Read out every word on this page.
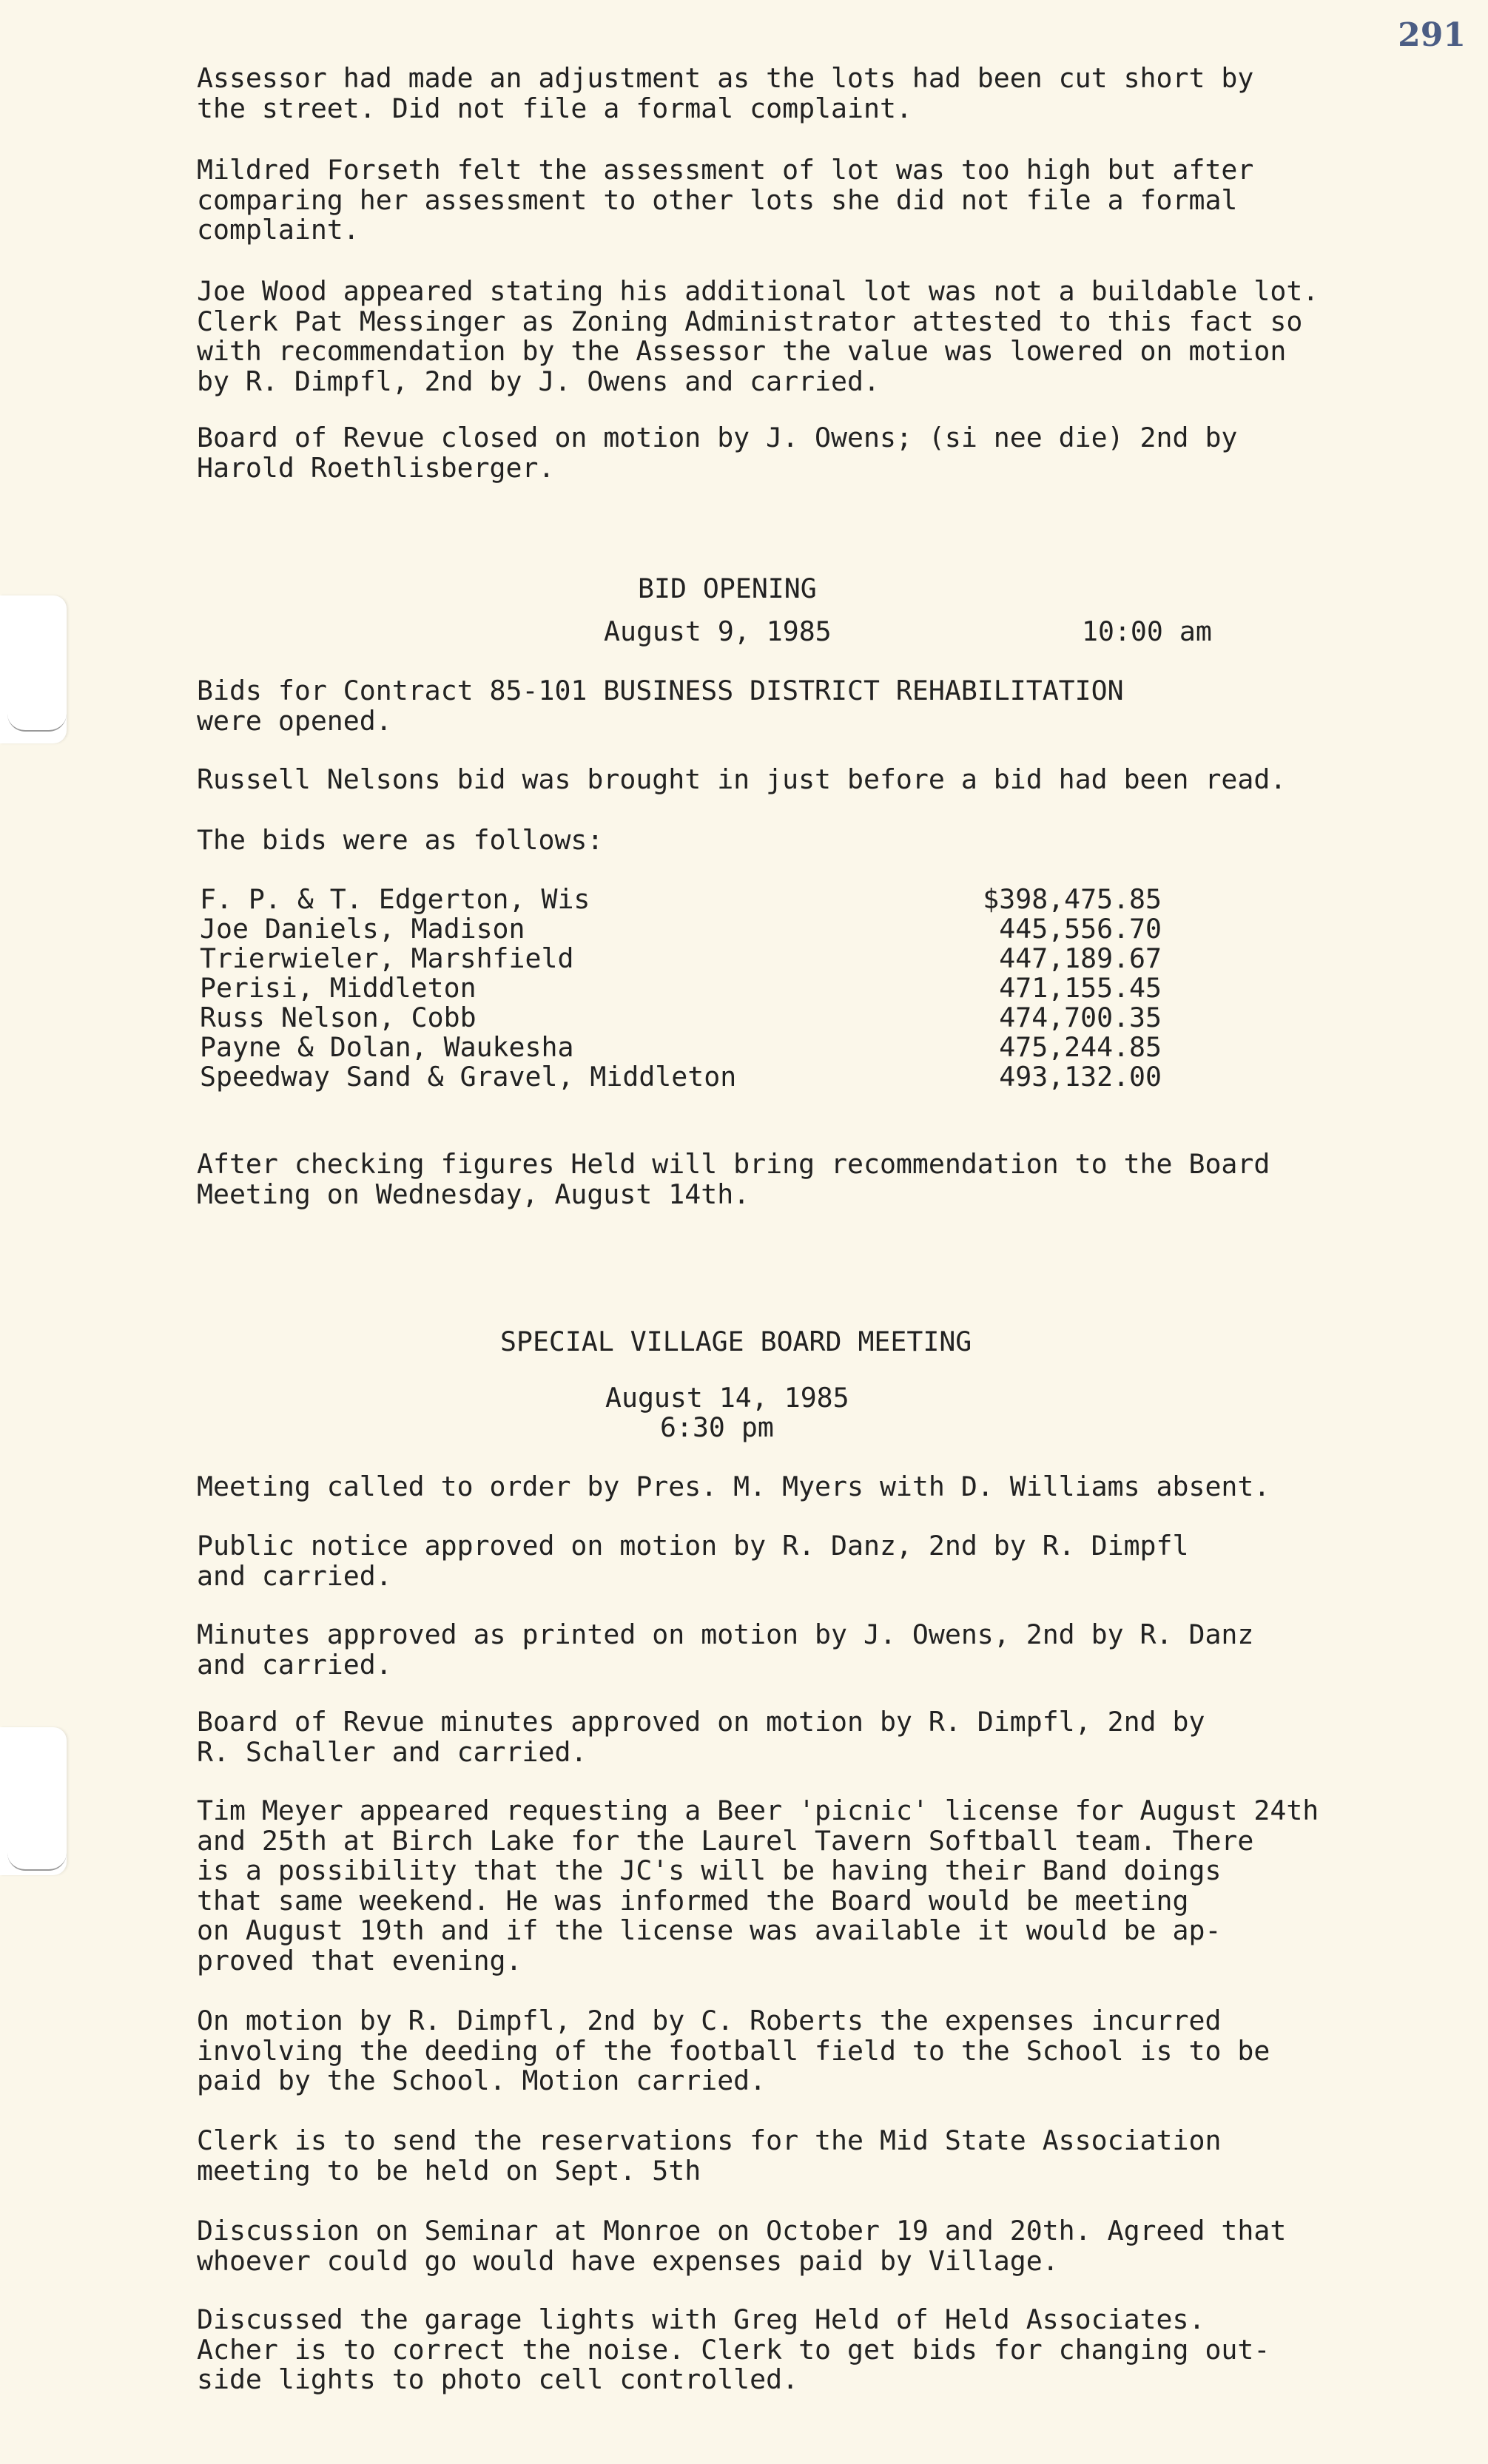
291

Assessor had made an adjustment as the lots had been cut short by
the street. Did not file a formal complaint.

Mildred Forseth felt the assessment of lot was too high but after
comparing her assessment to other lots she did not file a formal
complaint.

Joe Wood appeared stating his additional lot was not a buildable lot.
Clerk Pat Messinger as Zoning Administrator attested to this fact so
with recommendation by the Assessor the value was lowered on motion
by R. Dimpfl, 2nd by J. Owens and carried.

Board of Revue closed on motion by J. Owens; (si nee die) 2nd by
Harold Roethlisberger.

BID OPENING
August 9, 1985	10:00 am

Bids for Contract 85-101 BUSINESS DISTRICT REHABILITATION
were opened.

Russell Nelsons bid was brought in just before a bid had been read.

The bids were as follows:

F. P. & T. Edgerton, Wis	$398,475.85
Joe Daniels, Madison	445,556.70
Trierwieler, Marshfield	447,189.67
Perisi, Middleton	471,155.45
Russ Nelson, Cobb	474,700.35
Payne & Dolan, Waukesha	475,244.85
Speedway Sand & Gravel, Middleton	493,132.00

After checking figures Held will bring recommendation to the Board
Meeting on Wednesday, August 14th.

SPECIAL VILLAGE BOARD MEETING
August 14, 1985
6:30 pm

Meeting called to order by Pres. M. Myers with D. Williams absent.

Public notice approved on motion by R. Danz, 2nd by R. Dimpfl
and carried.

Minutes approved as printed on motion by J. Owens, 2nd by R. Danz
and carried.

Board of Revue minutes approved on motion by R. Dimpfl, 2nd by
R. Schaller and carried.

Tim Meyer appeared requesting a Beer 'picnic' license for August 24th
and 25th at Birch Lake for the Laurel Tavern Softball team. There
is a possibility that the JC's will be having their Band doings
that same weekend. He was informed the Board would be meeting
on August 19th and if the license was available it would be ap-
proved that evening.

On motion by R. Dimpfl, 2nd by C. Roberts the expenses incurred
involving the deeding of the football field to the School is to be
paid by the School. Motion carried.

Clerk is to send the reservations for the Mid State Association
meeting to be held on Sept. 5th

Discussion on Seminar at Monroe on October 19 and 20th. Agreed that
whoever could go would have expenses paid by Village.

Discussed the garage lights with Greg Held of Held Associates.
Acher is to correct the noise. Clerk to get bids for changing out-
side lights to photo cell controlled.
